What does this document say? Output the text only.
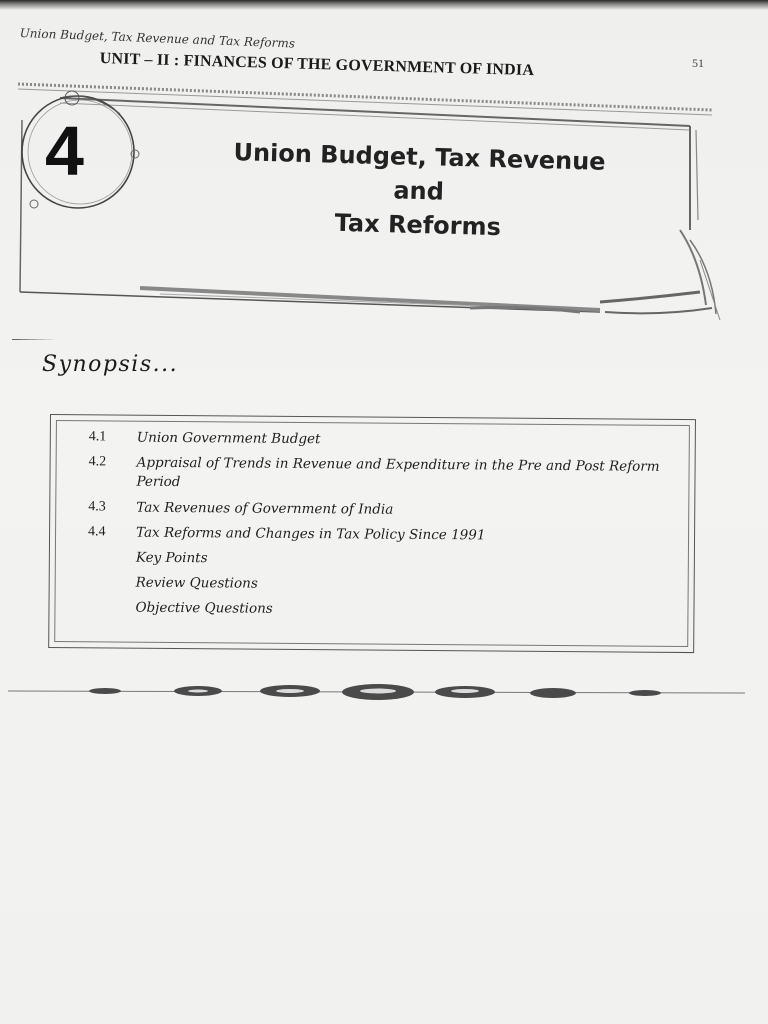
Union Budget, Tax Revenue and Tax Reforms
51
UNIT – II : FINANCES OF THE GOVERNMENT OF INDIA
4	Union Budget, Tax Revenue
and
Tax Reforms
Synopsis...
4.1	Union Government Budget
4.2	Appraisal of Trends in Revenue and Expenditure in the Pre and Post Reform Period
4.3	Tax Revenues of Government of India
4.4	Tax Reforms and Changes in Tax Policy Since 1991
Key Points
Review Questions
Objective Questions
